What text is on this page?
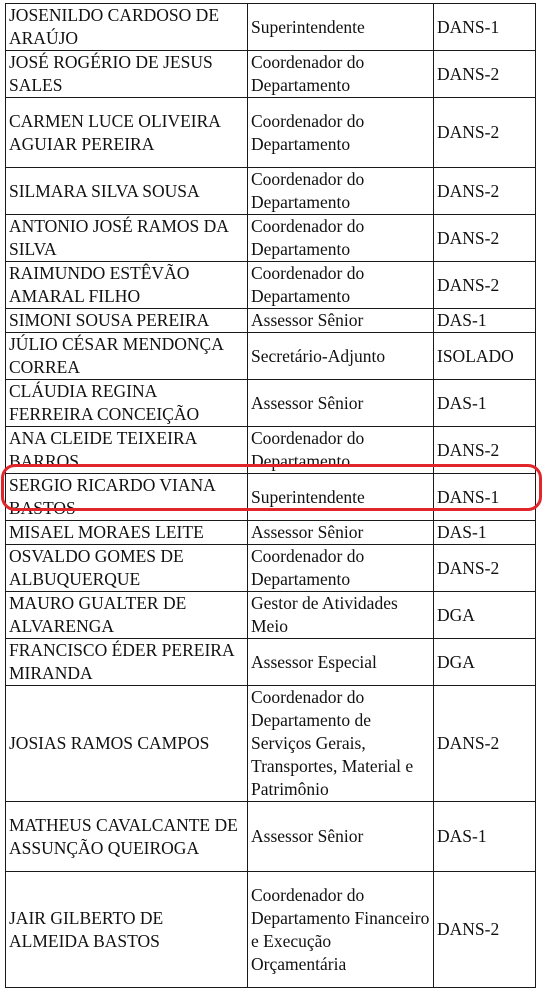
JOSENILDO CARDOSO DE ARAÚJO	Superintendente	DANS-1
JOSÉ ROGÉRIO DE JESUS SALES	Coordenador do Departamento	DANS-2
CARMEN LUCE OLIVEIRA AGUIAR PEREIRA	Coordenador do Departamento	DANS-2
SILMARA SILVA SOUSA	Coordenador do Departamento	DANS-2
ANTONIO JOSÉ RAMOS DA SILVA	Coordenador do Departamento	DANS-2
RAIMUNDO ESTÊVÃO AMARAL FILHO	Coordenador do Departamento	DANS-2
SIMONI SOUSA PEREIRA	Assessor Sênior	DAS-1
JÚLIO CÉSAR MENDONÇA CORREA	Secretário-Adjunto	ISOLADO
CLÁUDIA REGINA FERREIRA CONCEIÇÃO	Assessor Sênior	DAS-1
ANA CLEIDE TEIXEIRA BARROS	Coordenador do Departamento	DANS-2
SERGIO RICARDO VIANA BASTOS	Superintendente	DANS-1
MISAEL MORAES LEITE	Assessor Sênior	DAS-1
OSVALDO GOMES DE ALBUQUERQUE	Coordenador do Departamento	DANS-2
MAURO GUALTER DE ALVARENGA	Gestor de Atividades Meio	DGA
FRANCISCO ÉDER PEREIRA MIRANDA	Assessor Especial	DGA
JOSIAS RAMOS CAMPOS	Coordenador do Departamento de Serviços Gerais, Transportes, Material e Patrimônio	DANS-2
MATHEUS CAVALCANTE DE ASSUNÇÃO QUEIROGA	Assessor Sênior	DAS-1
JAIR GILBERTO DE ALMEIDA BASTOS	Coordenador do Departamento Financeiro e Execução Orçamentária	DANS-2
